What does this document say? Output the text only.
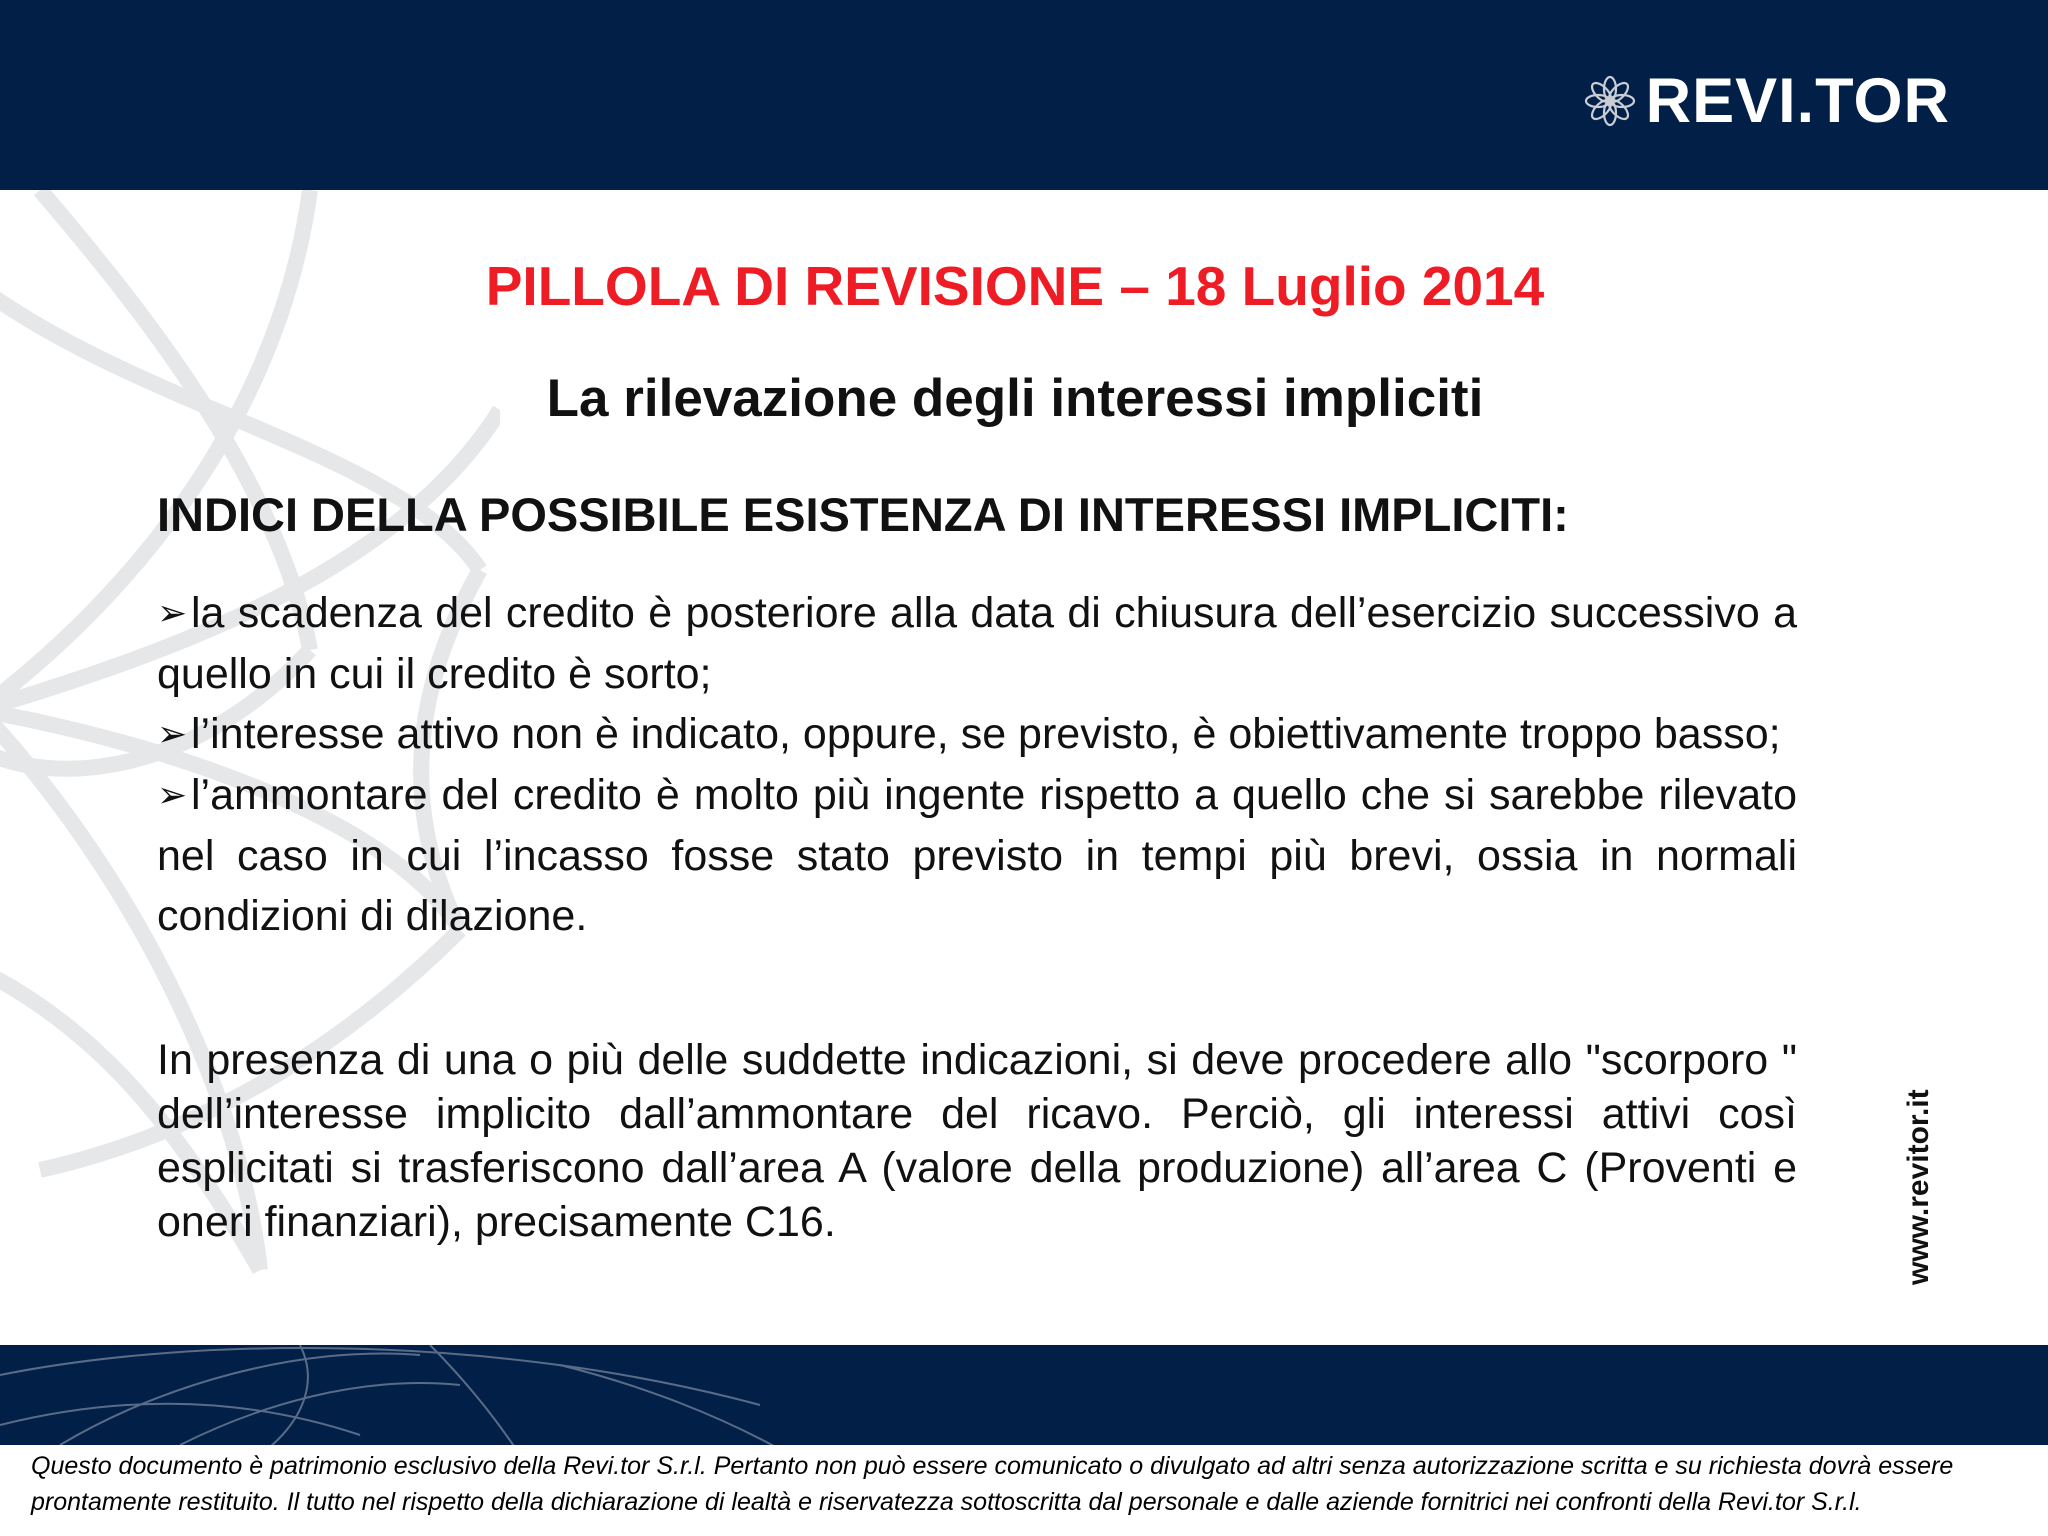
REVI.TOR
PILLOLA DI REVISIONE – 18 Luglio 2014
La rilevazione degli interessi impliciti
INDICI DELLA POSSIBILE ESISTENZA DI INTERESSI IMPLICITI:
➢la scadenza del credito è posteriore alla data di chiusura dell’esercizio successivo a quello in cui il credito è sorto;
➢l’interesse attivo non è indicato, oppure, se previsto, è obiettivamente troppo basso;
➢l’ammontare del credito è molto più ingente rispetto a quello che si sarebbe rilevato nel caso in cui l’incasso fosse stato previsto in tempi più brevi, ossia in normali condizioni di dilazione.

In presenza di una o più delle suddette indicazioni, si deve procedere allo "scorporo " dell’interesse implicito dall’ammontare del ricavo. Perciò, gli interessi attivi così esplicitati si trasferiscono dall’area A (valore della produzione) all’area C (Proventi e oneri finanziari), precisamente C16.	www.revitor.it
Questo documento è patrimonio esclusivo della Revi.tor S.r.l. Pertanto non può essere comunicato o divulgato ad altri senza autorizzazione scritta e su richiesta dovrà essere
prontamente restituito. Il tutto nel rispetto della dichiarazione di lealtà e riservatezza sottoscritta dal personale e dalle aziende fornitrici nei confronti della Revi.tor S.r.l.
